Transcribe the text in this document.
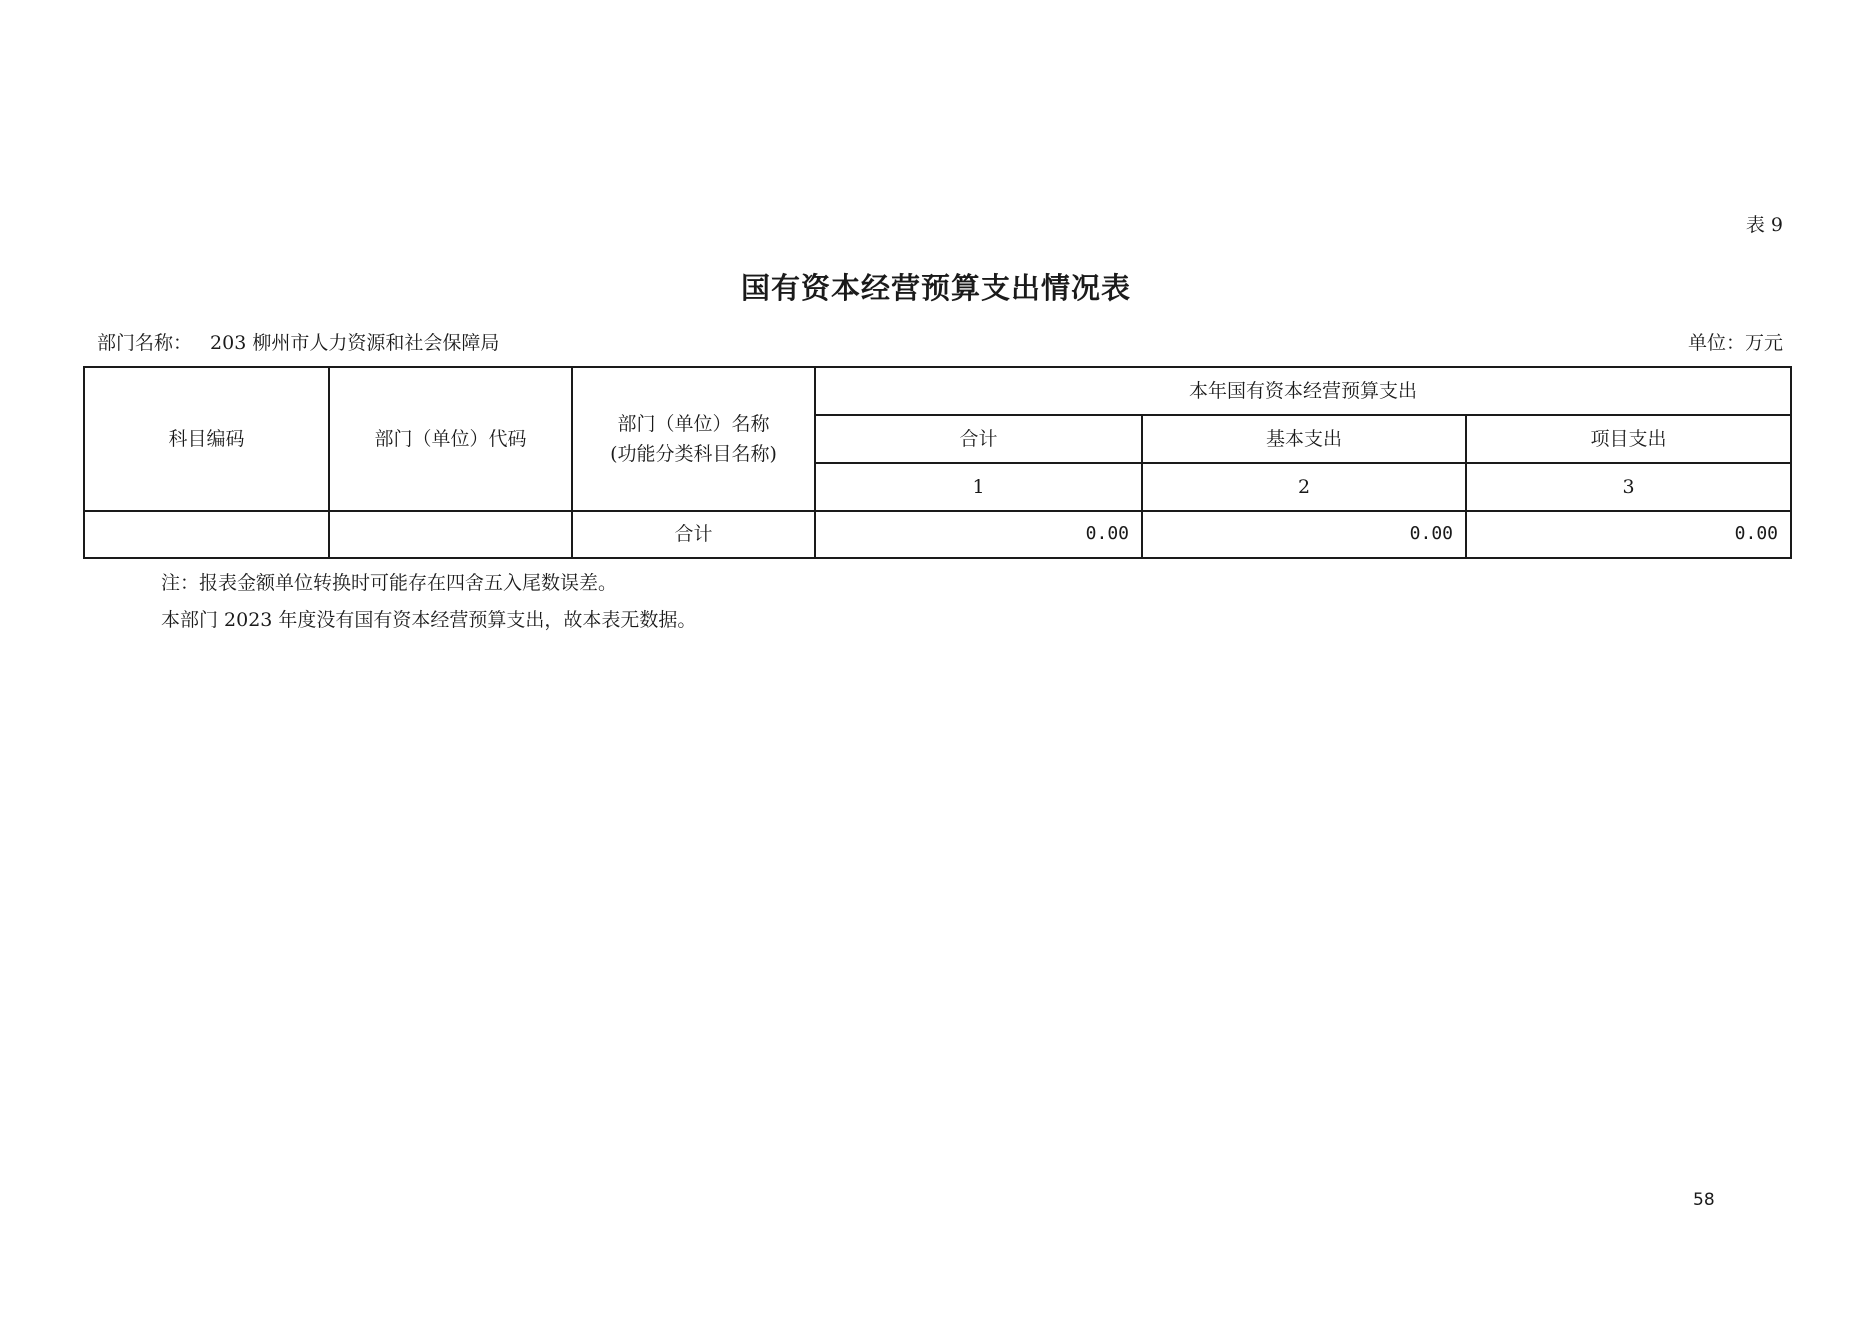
表 9
国有资本经营预算支出情况表
部门名称： 203 柳州市人力资源和社会保障局	单位：万元
科目编码	部门（单位）代码	部门（单位）名称
(功能分类科目名称)	本年国有资本经营预算支出		
			合计	基本支出	项目支出
			1	2	3
		合计	0.00	0.00	0.00
注：报表金额单位转换时可能存在四舍五入尾数误差。
本部门 2023 年度没有国有资本经营预算支出，故本表无数据。
58
